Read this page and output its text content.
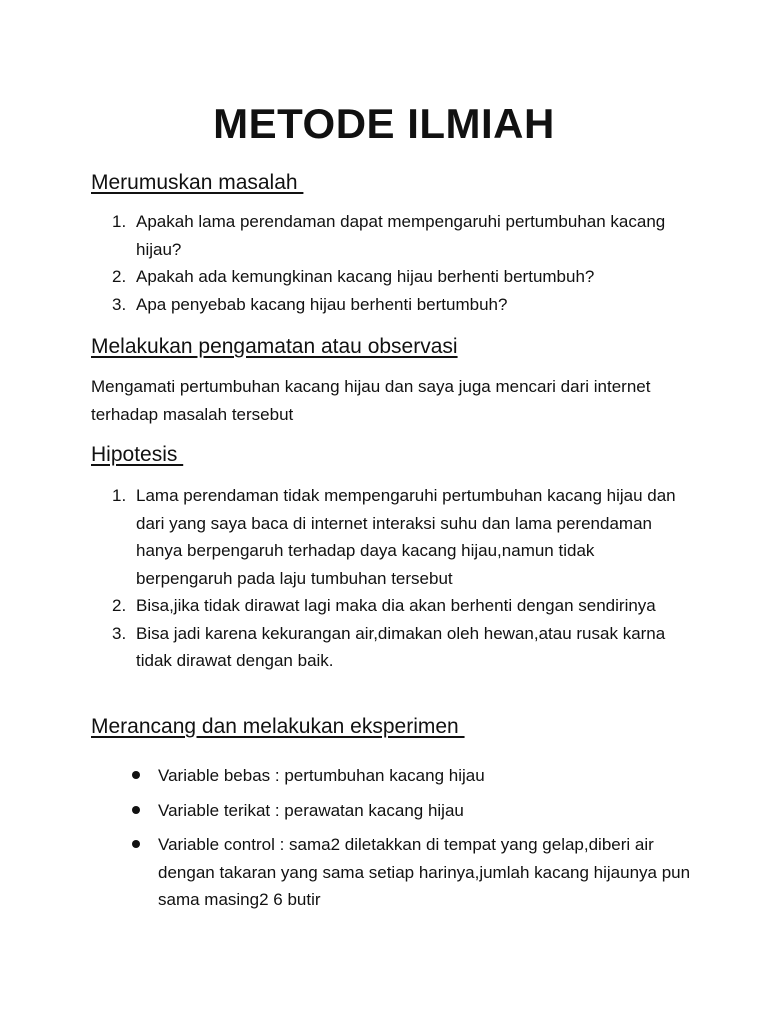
METODE ILMIAH
Merumuskan masalah
1. Apakah lama perendaman dapat mempengaruhi pertumbuhan kacang hijau?
2. Apakah ada kemungkinan kacang hijau berhenti bertumbuh?
3. Apa penyebab kacang hijau berhenti bertumbuh?
Melakukan pengamatan atau observasi
Mengamati pertumbuhan kacang hijau dan saya juga mencari dari internet terhadap masalah tersebut
Hipotesis
1. Lama perendaman tidak mempengaruhi pertumbuhan kacang hijau dan dari yang saya baca di internet interaksi suhu dan lama perendaman hanya berpengaruh terhadap daya kacang hijau,namun tidak berpengaruh pada laju tumbuhan tersebut
2. Bisa,jika tidak dirawat lagi maka dia akan berhenti dengan sendirinya
3. Bisa jadi karena kekurangan air,dimakan oleh hewan,atau rusak karna tidak dirawat dengan baik.
Merancang dan melakukan eksperimen
Variable bebas : pertumbuhan kacang hijau
Variable terikat : perawatan kacang hijau
Variable control : sama2 diletakkan di tempat yang gelap,diberi air dengan takaran yang sama setiap harinya,jumlah kacang hijaunya pun sama masing2 6 butir
